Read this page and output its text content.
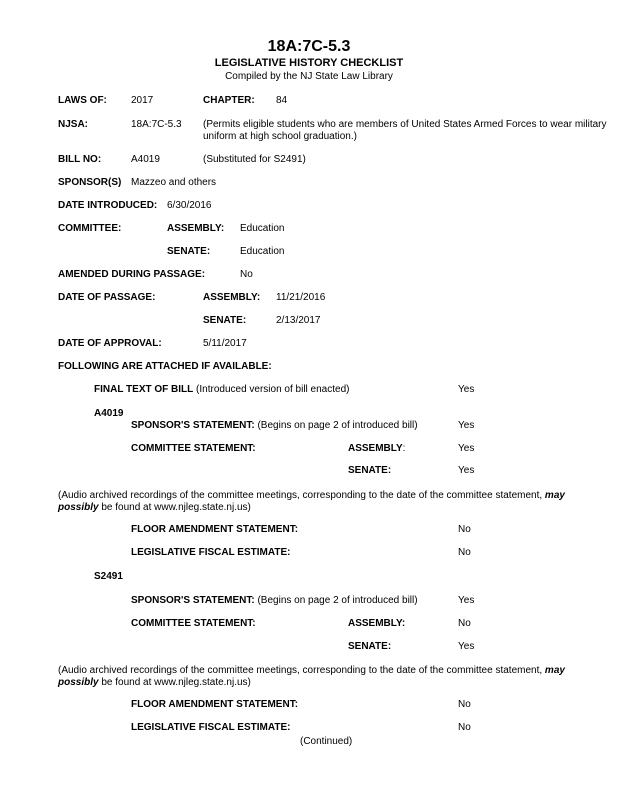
18A:7C-5.3
LEGISLATIVE HISTORY CHECKLIST
Compiled by the NJ State Law Library
LAWS OF: 2017	CHAPTER: 84
NJSA:	18A:7C-5.3 (Permits eligible students who are members of United States Armed Forces to wear military
uniform at high school graduation.)
BILL NO:	A4019	(Substituted for S2491)
SPONSOR(S) Mazzeo and others
DATE INTRODUCED: 6/30/2016
COMMITTEE:	ASSEMBLY: Education
SENATE:	Education
AMENDED DURING PASSAGE:	No
DATE OF PASSAGE:	ASSEMBLY: 11/21/2016
SENATE:	2/13/2017
DATE OF APPROVAL:	5/11/2017
FOLLOWING ARE ATTACHED IF AVAILABLE:
FINAL TEXT OF BILL (Introduced version of bill enacted)	Yes
A4019
SPONSOR'S STATEMENT: (Begins on page 2 of introduced bill)	Yes
COMMITTEE STATEMENT:	ASSEMBLY:	Yes
SENATE:	Yes
(Audio archived recordings of the committee meetings, corresponding to the date of the committee statement, may possibly be found at www.njleg.state.nj.us)
FLOOR AMENDMENT STATEMENT:	No
LEGISLATIVE FISCAL ESTIMATE:	No
S2491
SPONSOR'S STATEMENT: (Begins on page 2 of introduced bill)	Yes
COMMITTEE STATEMENT:	ASSEMBLY:	No
SENATE:	Yes
(Audio archived recordings of the committee meetings, corresponding to the date of the committee statement, may possibly be found at www.njleg.state.nj.us)
FLOOR AMENDMENT STATEMENT:	No
LEGISLATIVE FISCAL ESTIMATE:	No
(Continued)
